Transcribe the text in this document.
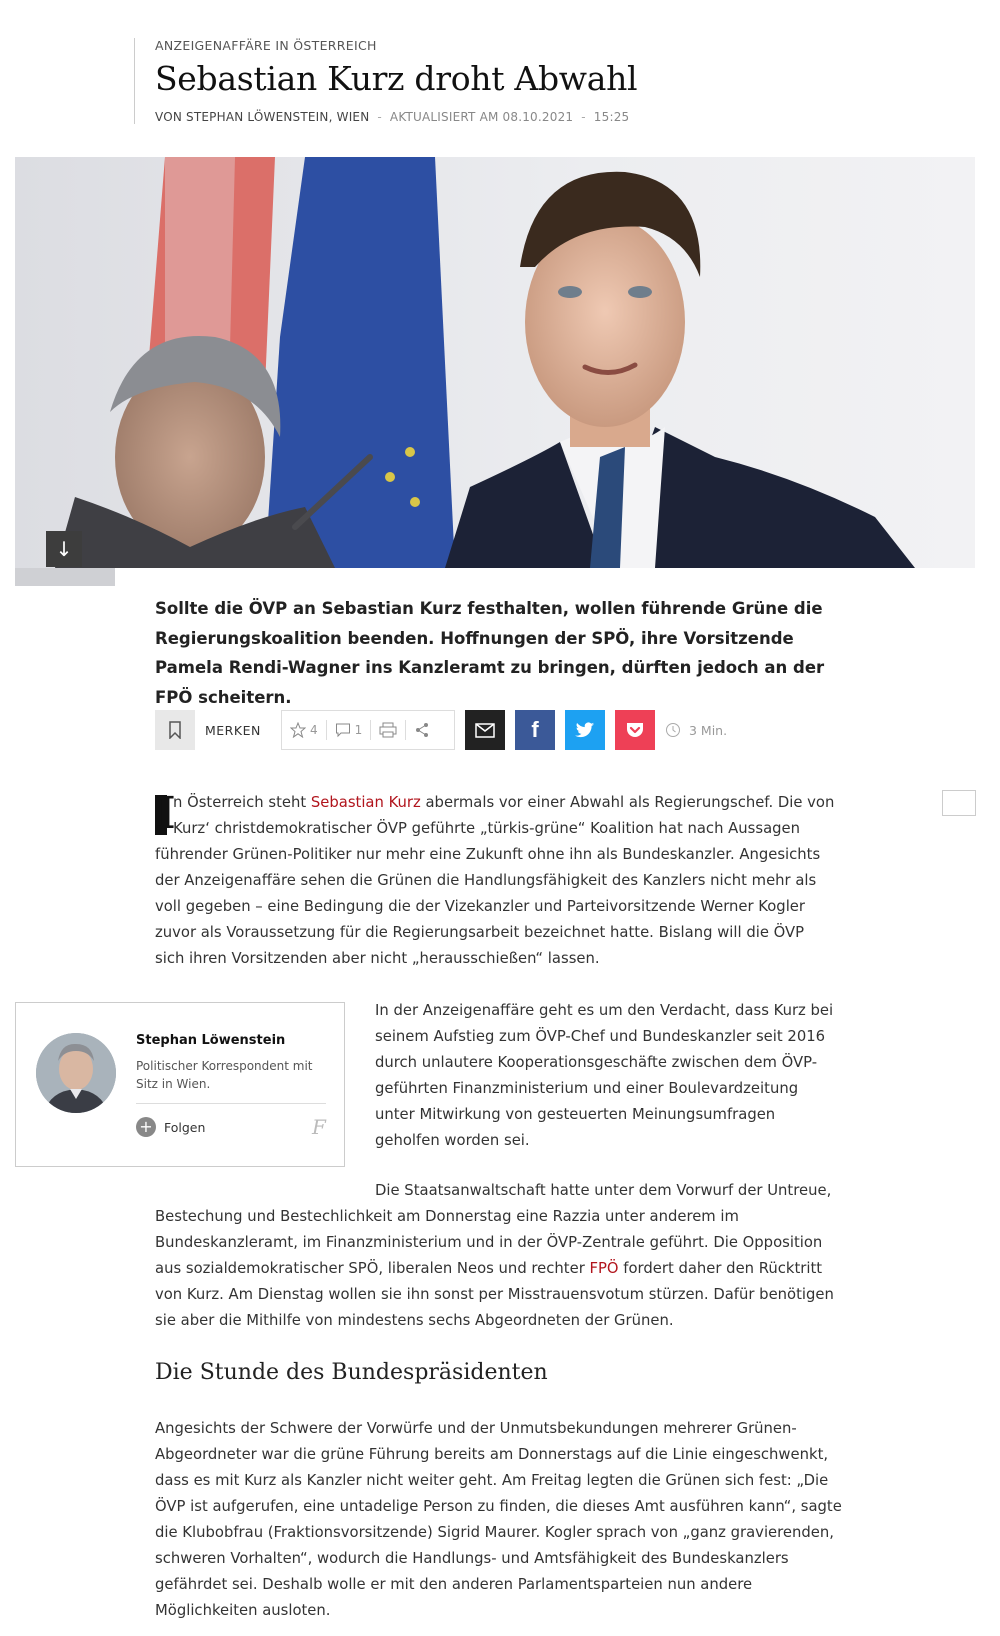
ANZEIGENAFFÄRE IN ÖSTERREICH
Sebastian Kurz droht Abwahl
VON STEPHAN LÖWENSTEIN, WIEN - AKTUALISIERT AM 08.10.2021 - 15:25
↓

Sollte die ÖVP an Sebastian Kurz festhalten, wollen führende Grüne die Regierungskoalition beenden. Hoffnungen der SPÖ, ihre Vorsitzende Pamela Rendi-Wagner ins Kanzleramt zu bringen, dürften jedoch an der FPÖ scheitern.

MERKEN	4	1	f	3 Min.
I
n Österreich steht Sebastian Kurz abermals vor einer Abwahl als Regierungschef. Die von Kurz‘ christdemokratischer ÖVP geführte „türkis-grüne“ Koalition hat nach Aussagen führender Grünen-Politiker nur mehr eine Zukunft ohne ihn als Bundeskanzler. Angesichts der Anzeigenaffäre sehen die Grünen die Handlungsfähigkeit des Kanzlers nicht mehr als voll gegeben – eine Bedingung die der Vizekanzler und Parteivorsitzende Werner Kogler zuvor als Voraussetzung für die Regierungsarbeit bezeichnet hatte. Bislang will die ÖVP sich ihren Vorsitzenden aber nicht „herausschießen“ lassen.
Stephan Löwenstein
Politischer Korrespondent mit Sitz in Wien.
+ Folgen	F

In der Anzeigenaffäre geht es um den Verdacht, dass Kurz bei seinem Aufstieg zum ÖVP-Chef und Bundeskanzler seit 2016 durch unlautere Kooperationsgeschäfte zwischen dem ÖVP-geführten Finanzministerium und einer Boulevardzeitung unter Mitwirkung von gesteuerten Meinungsumfragen geholfen worden sei.

Die Staatsanwaltschaft hatte unter dem Vorwurf der Untreue, Bestechung und Bestechlichkeit am Donnerstag eine Razzia unter anderem im Bundeskanzleramt, im Finanzministerium und in der ÖVP-Zentrale geführt. Die Opposition aus sozialdemokratischer SPÖ, liberalen Neos und rechter FPÖ fordert daher den Rücktritt von Kurz. Am Dienstag wollen sie ihn sonst per Misstrauensvotum stürzen. Dafür benötigen sie aber die Mithilfe von mindestens sechs Abgeordneten der Grünen.

Die Stunde des Bundespräsidenten

Angesichts der Schwere der Vorwürfe und der Unmutsbekundungen mehrerer Grünen-Abgeordneter war die grüne Führung bereits am Donnerstags auf die Linie eingeschwenkt, dass es mit Kurz als Kanzler nicht weiter geht. Am Freitag legten die Grünen sich fest: „Die ÖVP ist aufgerufen, eine untadelige Person zu finden, die dieses Amt ausführen kann“, sagte die Klubobfrau (Fraktionsvorsitzende) Sigrid Maurer. Kogler sprach von „ganz gravierenden, schweren Vorhalten“, wodurch die Handlungs- und Amtsfähigkeit des Bundeskanzlers gefährdet sei. Deshalb wolle er mit den anderen Parlamentsparteien nun andere Möglichkeiten ausloten.
